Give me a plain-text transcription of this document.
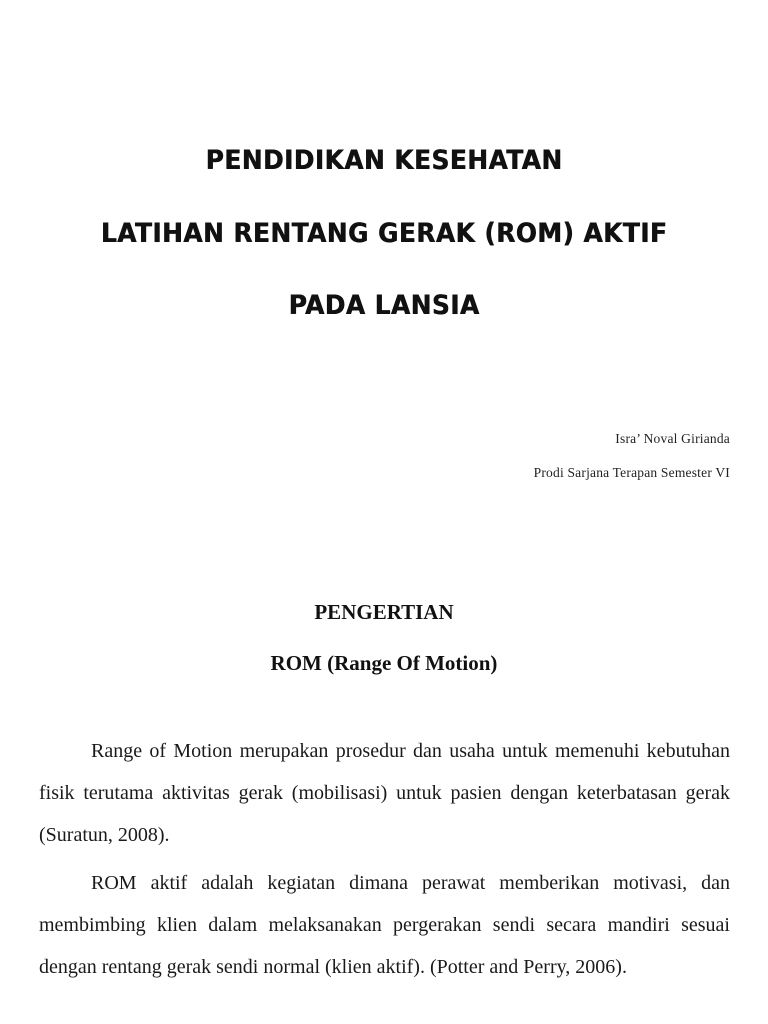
PENDIDIKAN KESEHATAN
LATIHAN RENTANG GERAK (ROM) AKTIF
PADA LANSIA
Isra’ Noval Girianda
Prodi Sarjana Terapan Semester VI
PENGERTIAN
ROM (Range Of Motion)

Range of Motion merupakan prosedur dan usaha untuk memenuhi kebutuhan fisik terutama aktivitas gerak (mobilisasi) untuk pasien dengan keterbatasan gerak (Suratun, 2008).

ROM aktif adalah kegiatan dimana perawat memberikan motivasi, dan membimbing klien dalam melaksanakan pergerakan sendi secara mandiri sesuai dengan rentang gerak sendi normal (klien aktif). (Potter and Perry, 2006).
